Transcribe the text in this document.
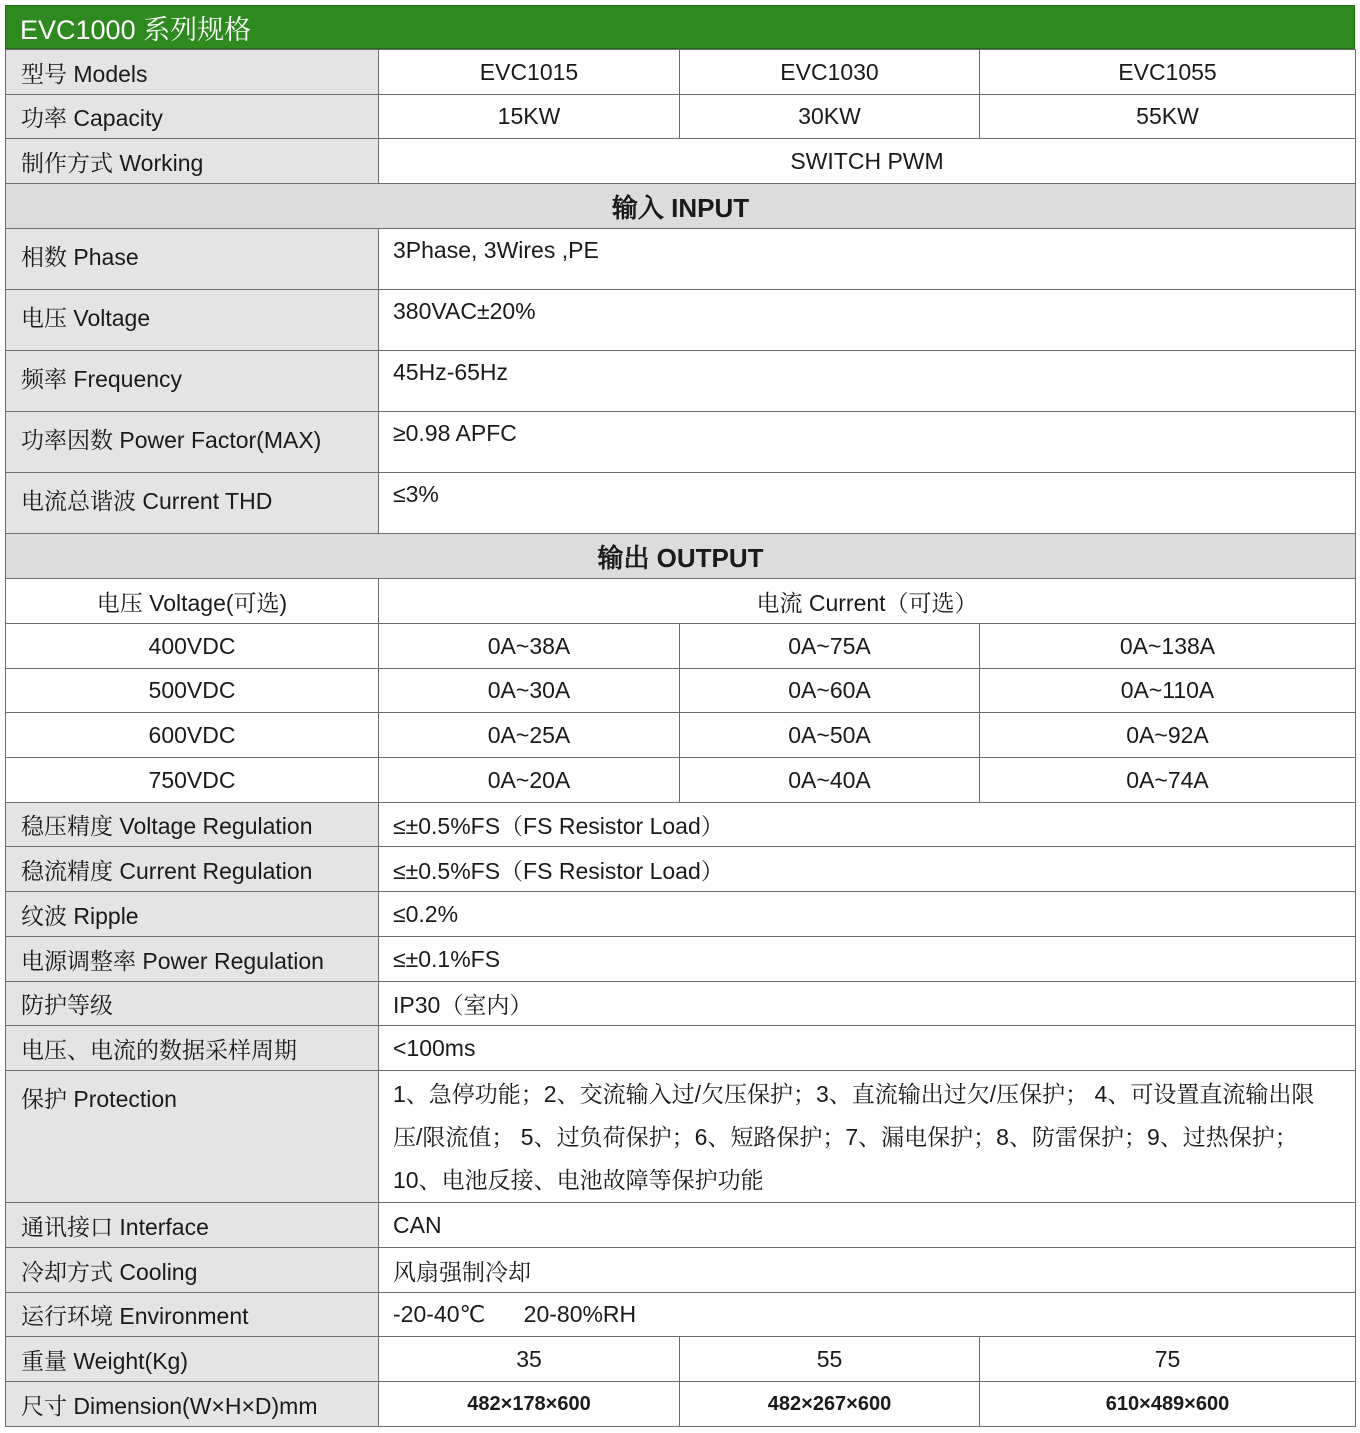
EVC1000 系列规格
型号 Models	EVC1015	EVC1030	EVC1055
功率 Capacity	15KW	30KW	55KW
制作方式 Working	SWITCH PWM		
输入 INPUT			
相数 Phase	3Phase, 3Wires ,PE		
电压 Voltage	380VAC±20%		
频率 Frequency	45Hz-65Hz		
功率因数 Power Factor(MAX)	≥0.98 APFC		
电流总谐波 Current THD	≤3%		
输出 OUTPUT			
电压 Voltage(可选)	电流 Current（可选）		
400VDC	0A~38A	0A~75A	0A~138A
500VDC	0A~30A	0A~60A	0A~110A
600VDC	0A~25A	0A~50A	0A~92A
750VDC	0A~20A	0A~40A	0A~74A
稳压精度 Voltage Regulation	≤±0.5%FS（FS Resistor Load）		
稳流精度 Current Regulation	≤±0.5%FS（FS Resistor Load）		
纹波 Ripple	≤0.2%		
电源调整率 Power Regulation	≤±0.1%FS		
防护等级	IP30（室内）		
电压、电流的数据采样周期	<100ms		
保护 Protection	1、急停功能；2、交流输入过/欠压保护；3、直流输出过欠/压保护； 4、可设置直流输出限压/限流值； 5、过负荷保护；6、短路保护；7、漏电保护；8、防雷保护；9、过热保护；10、电池反接、电池故障等保护功能		
通讯接口 Interface	CAN		
冷却方式 Cooling	风扇强制冷却		
运行环境 Environment	-20-40℃      20-80%RH		
重量 Weight(Kg)	35	55	75
尺寸 Dimension(W×H×D)mm	482×178×600	482×267×600	610×489×600
